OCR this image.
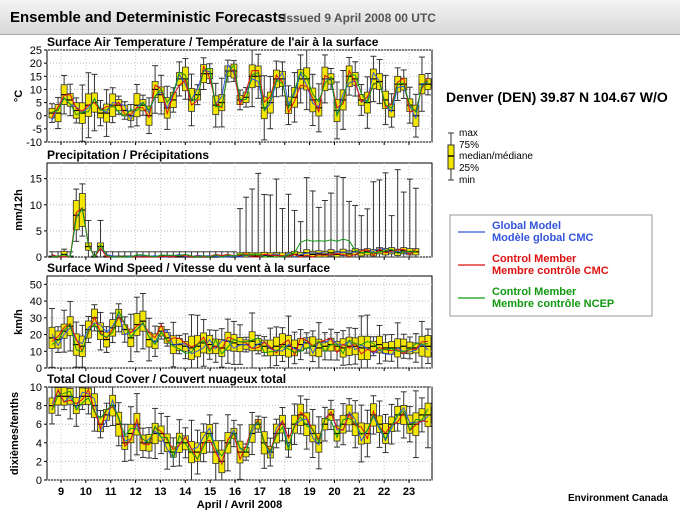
Ensemble and Deterministic Forecasts
Issued 9 April 2008 00 UTC
Denver (DEN) 39.87 N 104.67 W/O
Environment Canada
Surface Air Temperature / Température de l'air à la surface
-10
-5
0
5
10
15
20
25
°C
Precipitation / Précipitations
0
5
10
15
mm/12h
Surface Wind Speed / Vitesse du vent à la surface
0
10
20
30
40
50
km/h
Total Cloud Cover / Couvert nuageux total
0
2
4
6
8
10
dixièmes/tenths
9 10 11 12 13 14 15 16 17 18 19 20 21 22 23
April / Avril 2008
max
75%
median/médiane
25%
min
Global Model
Modèle global CMC
Control Member
Membre contrôle CMC
Control Member
Membre contrôle NCEP
